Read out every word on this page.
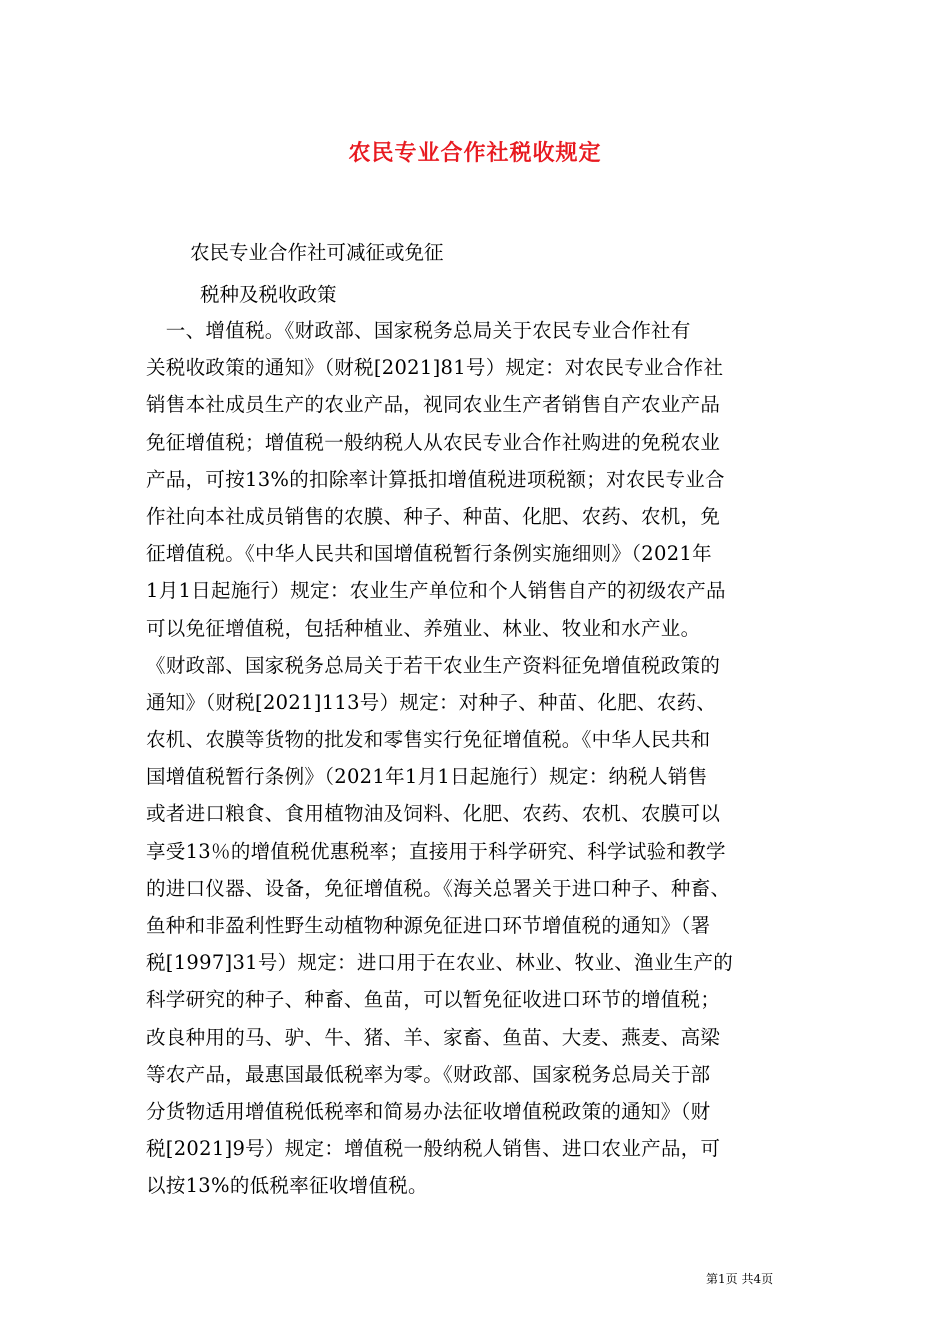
农民专业合作社税收规定
农民专业合作社可减征或免征
税种及税收政策
　一、增值税。《财政部、国家税务总局关于农民专业合作社有
关税收政策的通知》（财税[2021]81号）规定：对农民专业合作社
销售本社成员生产的农业产品，视同农业生产者销售自产农业产品
免征增值税；增值税一般纳税人从农民专业合作社购进的免税农业
产品，可按13%的扣除率计算抵扣增值税进项税额；对农民专业合
作社向本社成员销售的农膜、种子、种苗、化肥、农药、农机，免
征增值税。《中华人民共和国增值税暂行条例实施细则》（2021年
1月1日起施行）规定：农业生产单位和个人销售自产的初级农产品
可以免征增值税，包括种植业、养殖业、林业、牧业和水产业。
《财政部、国家税务总局关于若干农业生产资料征免增值税政策的
通知》（财税[2021]113号）规定：对种子、种苗、化肥、农药、
农机、农膜等货物的批发和零售实行免征增值税。《中华人民共和
国增值税暂行条例》（2021年1月1日起施行）规定：纳税人销售
或者进口粮食、食用植物油及饲料、化肥、农药、农机、农膜可以
享受13％的增值税优惠税率；直接用于科学研究、科学试验和教学
的进口仪器、设备，免征增值税。《海关总署关于进口种子、种畜、
鱼种和非盈利性野生动植物种源免征进口环节增值税的通知》（署
税[1997]31号）规定：进口用于在农业、林业、牧业、渔业生产的
科学研究的种子、种畜、鱼苗，可以暂免征收进口环节的增值税；
改良种用的马、驴、牛、猪、羊、家畜、鱼苗、大麦、燕麦、高梁
等农产品，最惠国最低税率为零。《财政部、国家税务总局关于部
分货物适用增值税低税率和简易办法征收增值税政策的通知》（财
税[2021]9号）规定：增值税一般纳税人销售、进口农业产品，可
以按13%的低税率征收增值税。
第1页 共4页
